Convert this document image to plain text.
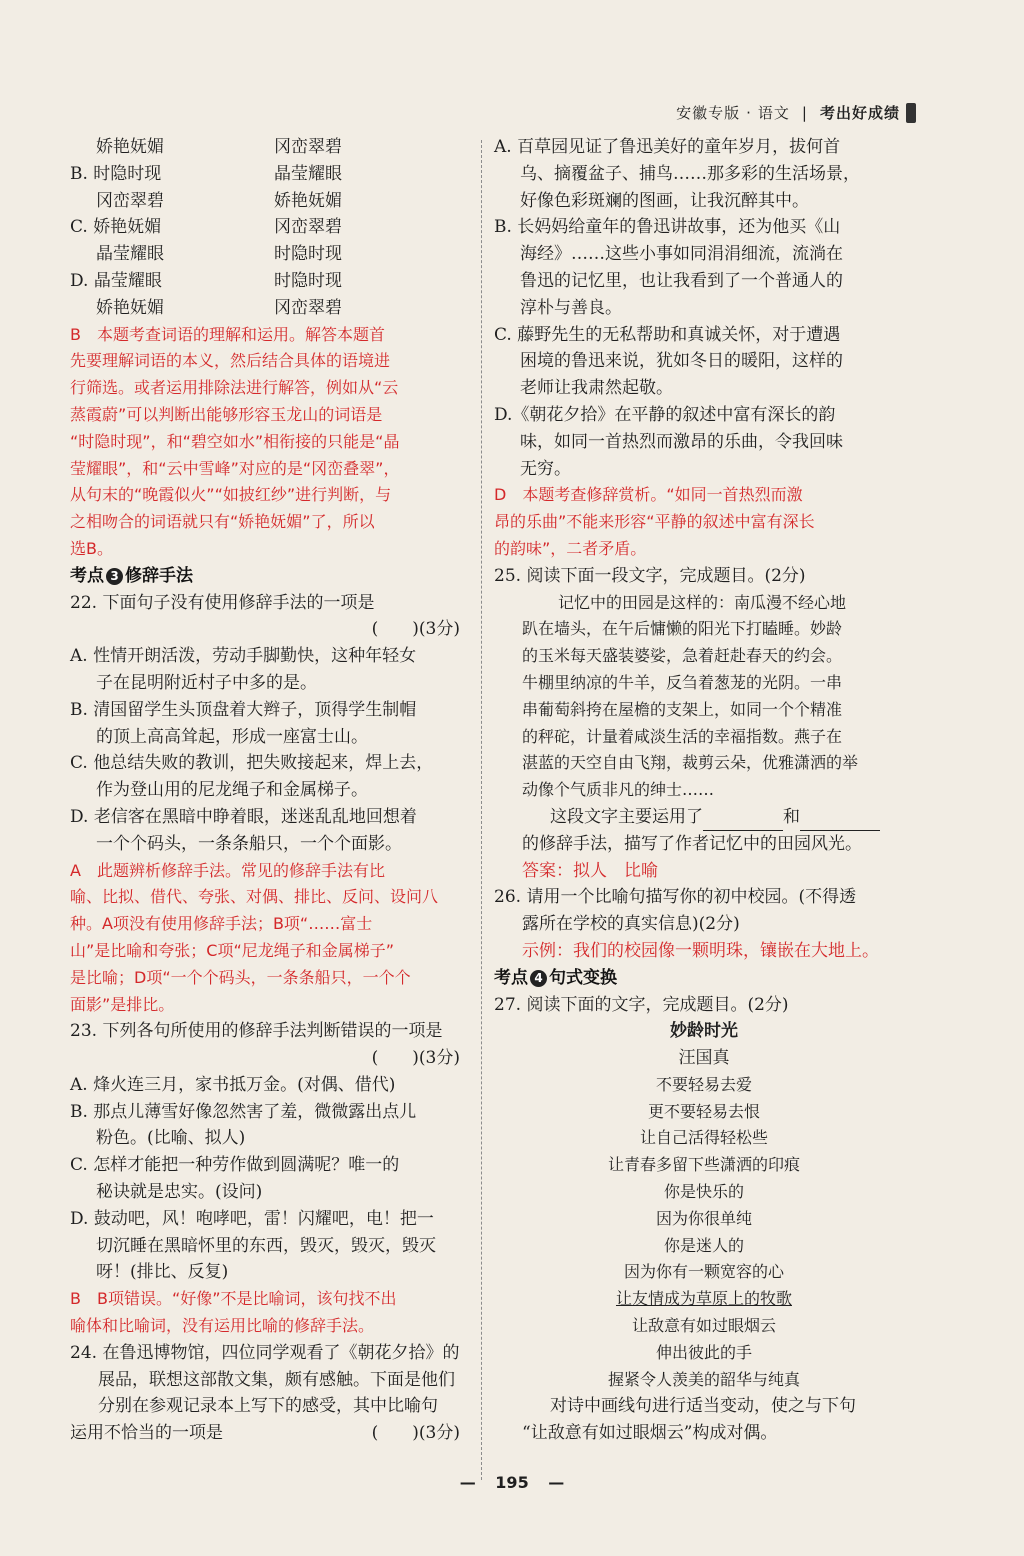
安徽专版 · 语文 | 考出好成绩
娇艳妩媚	冈峦翠碧
B. 时隐时现	晶莹耀眼
冈峦翠碧	娇艳妩媚
C. 娇艳妩媚	冈峦翠碧
晶莹耀眼	时隐时现
D. 晶莹耀眼	时隐时现
娇艳妩媚	冈峦翠碧
B　本题考查词语的理解和运用。解答本题首
先要理解词语的本义，然后结合具体的语境进
行筛选。或者运用排除法进行解答，例如从“云
蒸霞蔚”可以判断出能够形容玉龙山的词语是
“时隐时现”，和“碧空如水”相衔接的只能是“晶
莹耀眼”，和“云中雪峰”对应的是“冈峦叠翠”，
从句末的“晚霞似火”“如披红纱”进行判断，与
之相吻合的词语就只有“娇艳妩媚”了，所以
选B。
考点 3 修辞手法
22. 下面句子没有使用修辞手法的一项是
(　　)(3分)
A. 性情开朗活泼，劳动手脚勤快，这种年轻女
子在昆明附近村子中多的是。
B. 清国留学生头顶盘着大辫子，顶得学生制帽
的顶上高高耸起，形成一座富士山。
C. 他总结失败的教训，把失败接起来，焊上去，
作为登山用的尼龙绳子和金属梯子。
D. 老信客在黑暗中睁着眼，迷迷乱乱地回想着
一个个码头，一条条船只，一个个面影。
A　此题辨析修辞手法。常见的修辞手法有比
喻、比拟、借代、夸张、对偶、排比、反问、设问八
种。A项没有使用修辞手法；B项“……富士
山”是比喻和夸张；C项“尼龙绳子和金属梯子”
是比喻；D项“一个个码头，一条条船只，一个个
面影”是排比。
23. 下列各句所使用的修辞手法判断错误的一项是
(　　)(3分)
A. 烽火连三月，家书抵万金。(对偶、借代)
B. 那点儿薄雪好像忽然害了羞，微微露出点儿
粉色。(比喻、拟人)
C. 怎样才能把一种劳作做到圆满呢？唯一的
秘诀就是忠实。(设问)
D. 鼓动吧，风！咆哮吧，雷！闪耀吧，电！把一
切沉睡在黑暗怀里的东西，毁灭，毁灭，毁灭
呀！(排比、反复)
B　B项错误。“好像”不是比喻词，该句找不出
喻体和比喻词，没有运用比喻的修辞手法。
24. 在鲁迅博物馆，四位同学观看了《朝花夕拾》的
展品，联想这部散文集，颇有感触。下面是他们
分别在参观记录本上写下的感受，其中比喻句
运用不恰当的一项是	(　　)(3分)
A. 百草园见证了鲁迅美好的童年岁月，拔何首
乌、摘覆盆子、捕鸟……那多彩的生活场景，
好像色彩斑斓的图画，让我沉醉其中。
B. 长妈妈给童年的鲁迅讲故事，还为他买《山
海经》……这些小事如同涓涓细流，流淌在
鲁迅的记忆里，也让我看到了一个普通人的
淳朴与善良。
C. 藤野先生的无私帮助和真诚关怀，对于遭遇
困境的鲁迅来说，犹如冬日的暖阳，这样的
老师让我肃然起敬。
D.《朝花夕拾》在平静的叙述中富有深长的韵
味，如同一首热烈而激昂的乐曲，令我回味
无穷。
D　本题考查修辞赏析。“如同一首热烈而激
昂的乐曲”不能来形容“平静的叙述中富有深长
的韵味”，二者矛盾。
25. 阅读下面一段文字，完成题目。(2分)
记忆中的田园是这样的：南瓜漫不经心地
趴在墙头，在午后慵懒的阳光下打瞌睡。妙龄
的玉米每天盛装婆娑，急着赶赴春天的约会。
牛棚里纳凉的牛羊，反刍着葱茏的光阴。一串
串葡萄斜挎在屋檐的支架上，如同一个个精准
的秤砣，计量着咸淡生活的幸福指数。燕子在
湛蓝的天空自由飞翔，裁剪云朵，优雅潇洒的举
动像个气质非凡的绅士……
这段文字主要运用了	和
的修辞手法，描写了作者记忆中的田园风光。
答案：拟人　比喻
26. 请用一个比喻句描写你的初中校园。(不得透
露所在学校的真实信息)(2分)
示例：我们的校园像一颗明珠，镶嵌在大地上。
考点 4 句式变换
27. 阅读下面的文字，完成题目。(2分)
妙龄时光
汪国真
不要轻易去爱
更不要轻易去恨
让自己活得轻松些
让青春多留下些潇洒的印痕
你是快乐的
因为你很单纯
你是迷人的
因为你有一颗宽容的心
让友情成为草原上的牧歌
让敌意有如过眼烟云
伸出彼此的手
握紧令人羡美的韶华与纯真
对诗中画线句进行适当变动，使之与下句
“让敌意有如过眼烟云”构成对偶。
— 195 —
